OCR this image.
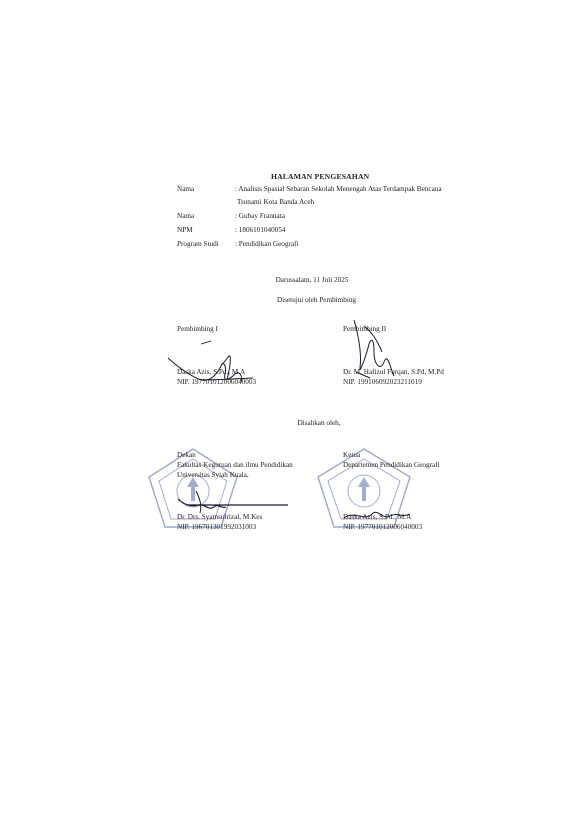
HALAMAN PENGESAHAN
Nama	: Analisis Spasial Sebaran Sekolah Menengah Atas Terdampak Bencana
Tsunami Kota Banda Aceh
Nama	: Gubay Frannata
NPM	: 1806101040054
Program Studi : Pendidikan Geografi
Darussalam, 11 Juli 2025
Disetujui oleh Pembimbing
Pembimbing I
Daska Azis, S.Pd., M.A
NIP. 197701012006040003
Pembimbing II
Dr. M. Hafizul Furqan, S.Pd, M.Pd
NIP. 199106092023211019
Disahkan oleh,
Dekan
Fakultas Keguruan dan ilmu Pendidikan
Universitas Syiah Kuala,
Dr. Drs. Syamsulrizal, M.Kes
NIP. 196701301992031003
Ketua
Departemen Pendidikan Geografi
Daska Azis, S.Pd., M.A
NIP. 197701012006040003
